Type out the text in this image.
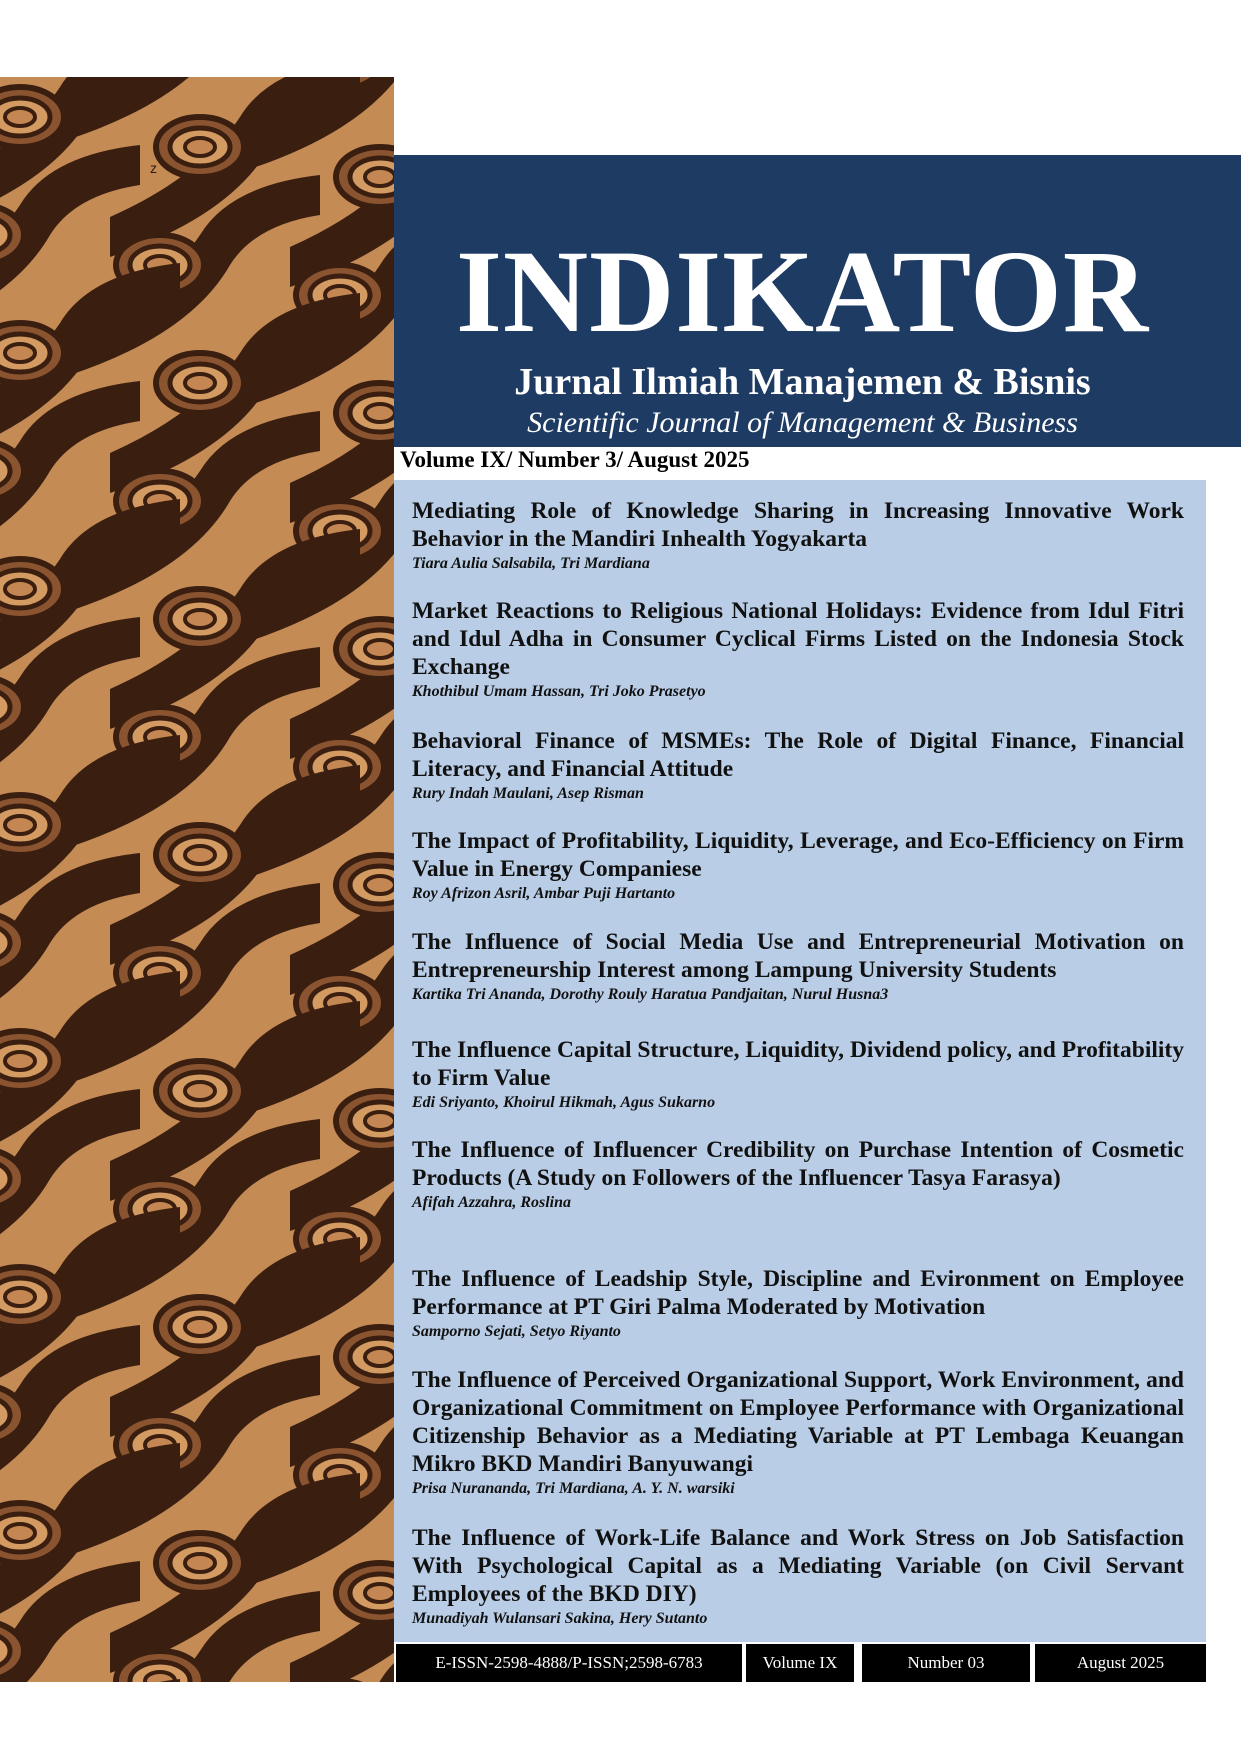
z
INDIKATOR
Jurnal Ilmiah Manajemen & Bisnis
Scientific Journal of Management & Business
Volume IX/ Number 3/ August 2025
Mediating Role of Knowledge Sharing in Increasing Innovative Work Behavior in the Mandiri Inhealth Yogyakarta
Tiara Aulia Salsabila, Tri Mardiana
Market Reactions to Religious National Holidays: Evidence from Idul Fitri and Idul Adha in Consumer Cyclical Firms Listed on the Indonesia Stock Exchange
Khothibul Umam Hassan, Tri Joko Prasetyo
Behavioral Finance of MSMEs: The Role of Digital Finance, Financial Literacy, and Financial Attitude
Rury Indah Maulani, Asep Risman
The Impact of Profitability, Liquidity, Leverage, and Eco-Efficiency on Firm Value in Energy Companiese
Roy Afrizon Asril, Ambar Puji Hartanto
The Influence of Social Media Use and Entrepreneurial Motivation on Entrepreneurship Interest among Lampung University Students
Kartika Tri Ananda, Dorothy Rouly Haratua Pandjaitan, Nurul Husna3
The Influence Capital Structure, Liquidity, Dividend policy, and Profitability to Firm Value
Edi Sriyanto, Khoirul Hikmah, Agus Sukarno
The Influence of Influencer Credibility on Purchase Intention of Cosmetic Products (A Study on Followers of the Influencer Tasya Farasya)
Afifah Azzahra, Roslina
The Influence of Leadship Style, Discipline and Evironment on Employee Performance at PT Giri Palma Moderated by Motivation
Samporno Sejati, Setyo Riyanto
The Influence of Perceived Organizational Support, Work Environment, and Organizational Commitment on Employee Performance with Organizational Citizenship Behavior as a Mediating Variable at PT Lembaga Keuangan Mikro BKD Mandiri Banyuwangi
Prisa Nurananda, Tri Mardiana, A. Y. N. warsiki
The Influence of Work-Life Balance and Work Stress on Job Satisfaction With Psychological Capital as a Mediating Variable (on Civil Servant Employees of the BKD DIY)
Munadiyah Wulansari Sakina, Hery Sutanto
E-ISSN-2598-4888/P-ISSN;2598-6783	Volume IX	Number 03	August 2025
